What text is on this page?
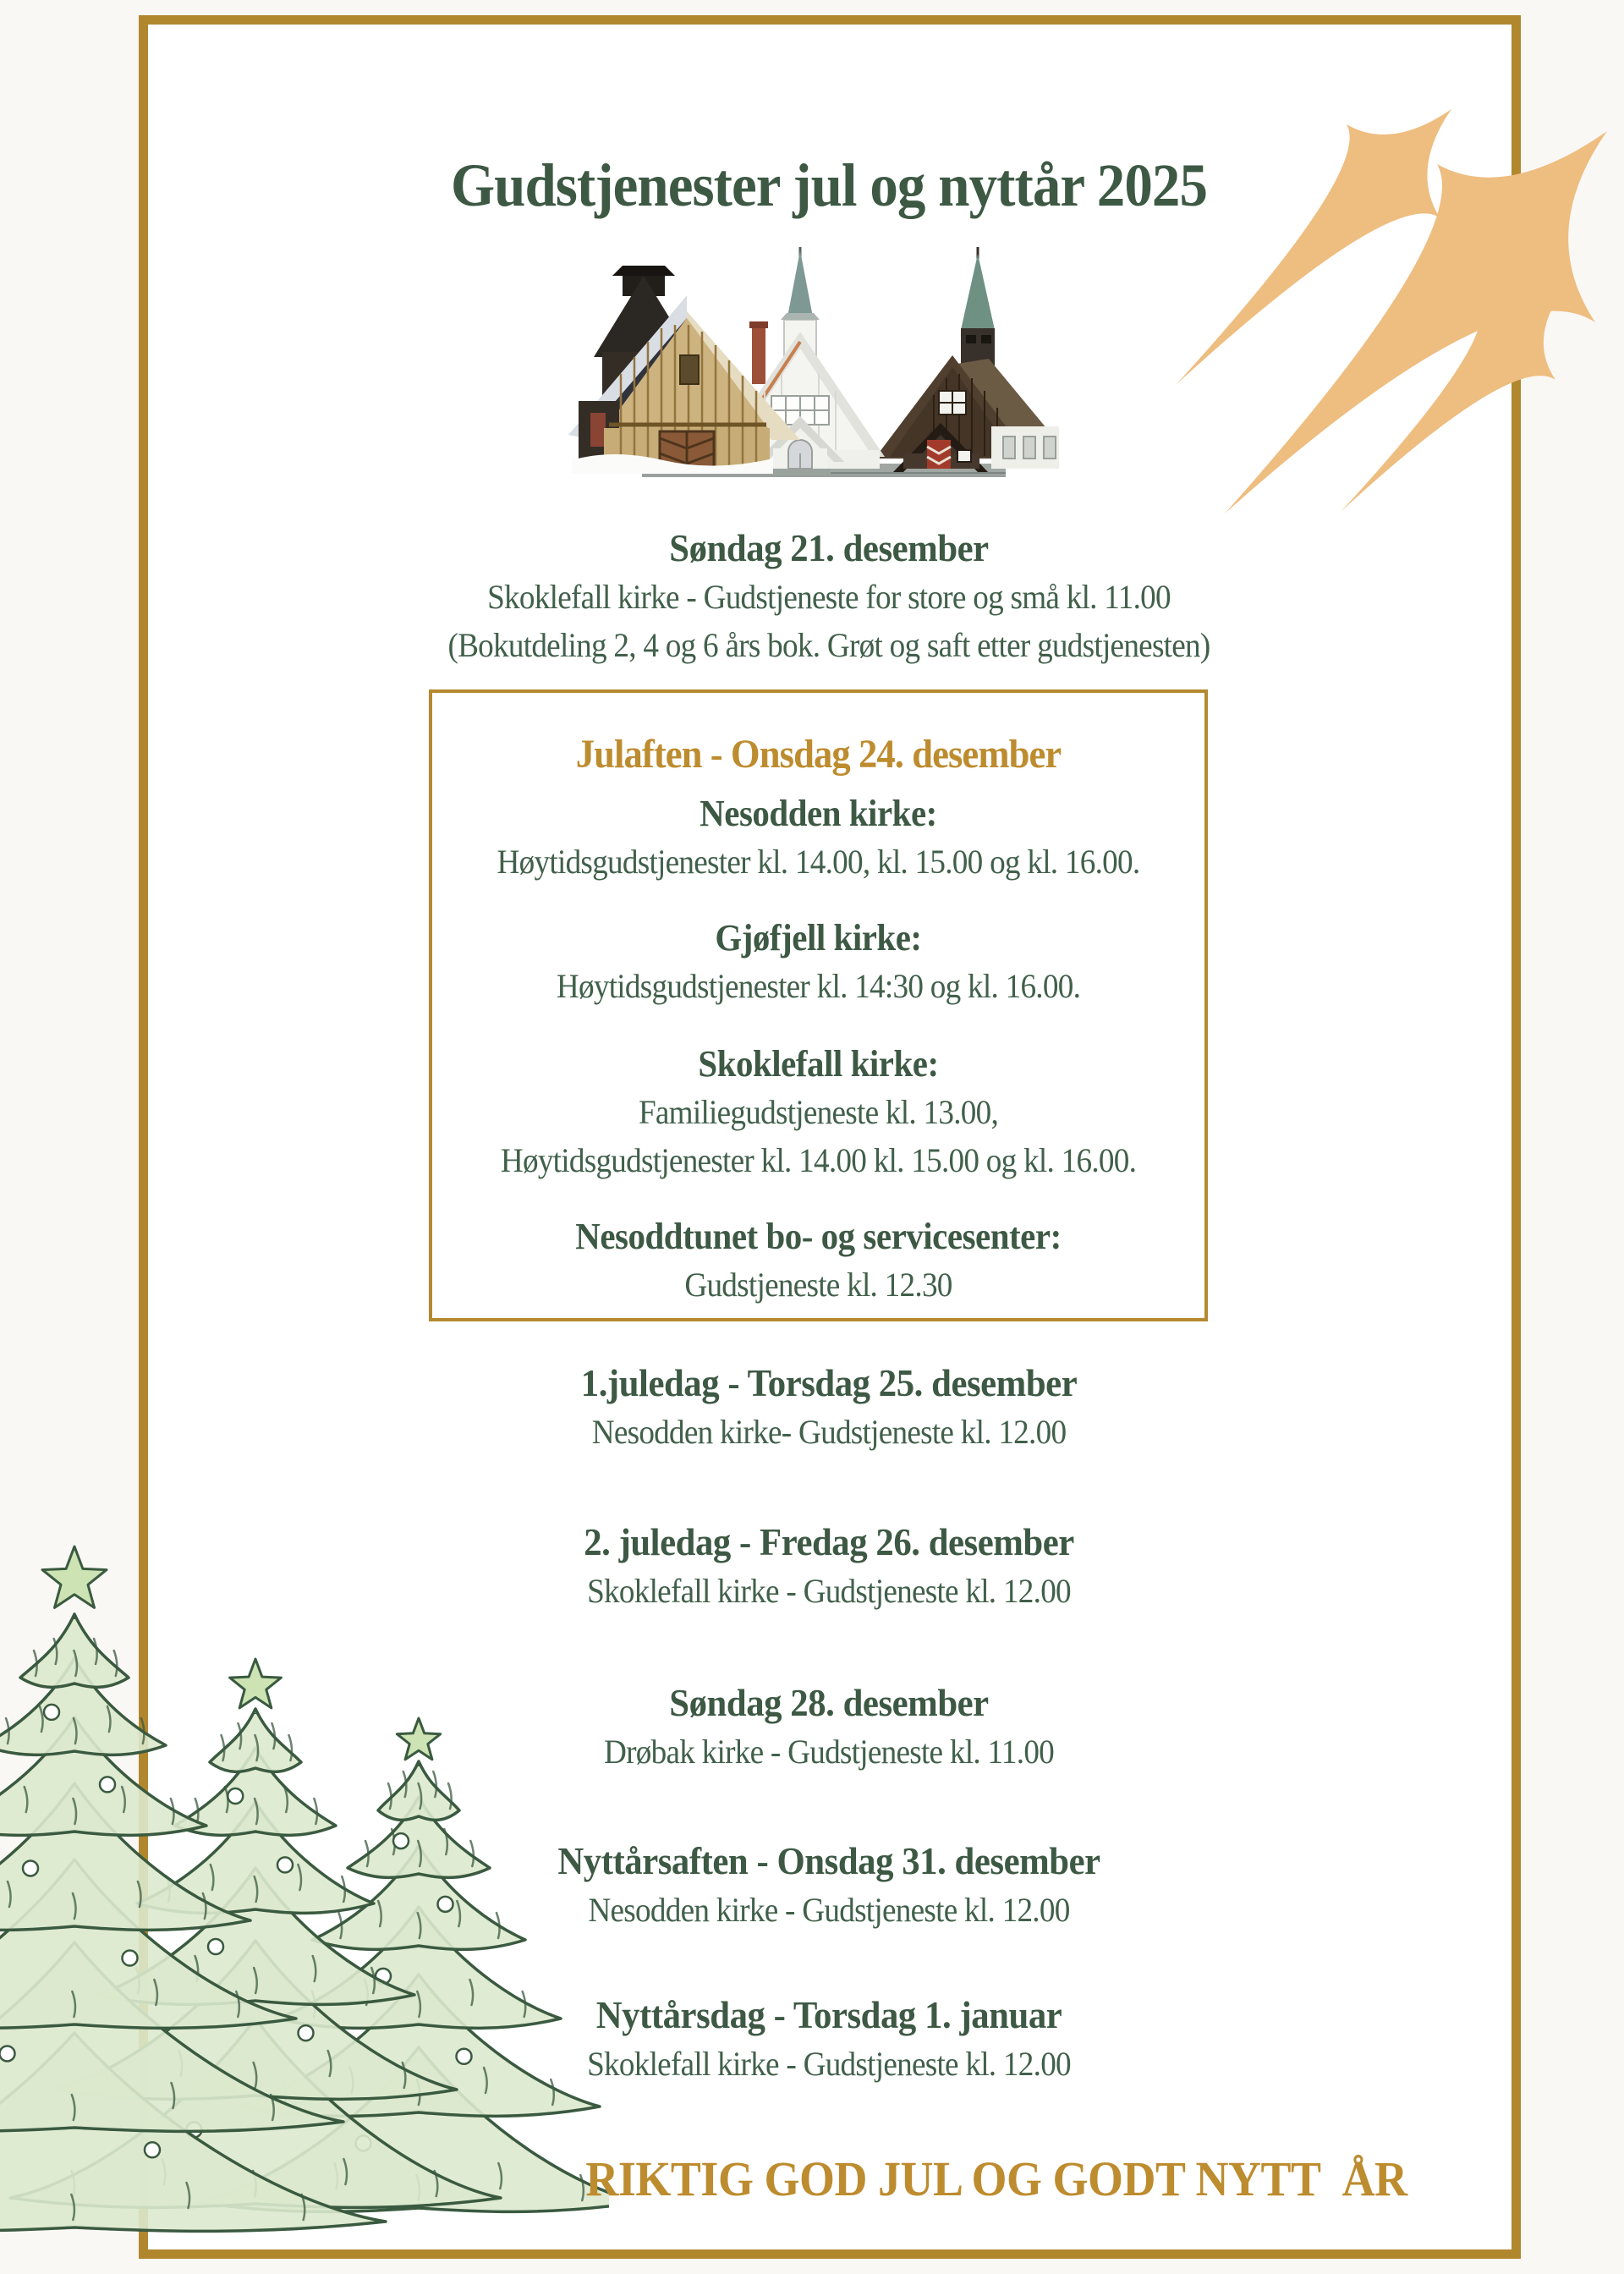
Gudstjenester jul og nyttår 2025
Søndag 21. desember
Skoklefall kirke - Gudstjeneste for store og små kl. 11.00
(Bokutdeling 2, 4 og 6 års bok. Grøt og saft etter gudstjenesten)
Julaften - Onsdag 24. desember
Nesodden kirke:
Høytidsgudstjenester kl. 14.00, kl. 15.00 og kl. 16.00.
Gjøfjell kirke:
Høytidsgudstjenester kl. 14:30 og kl. 16.00.
Skoklefall kirke:
Familiegudstjeneste kl. 13.00,
Høytidsgudstjenester kl. 14.00 kl. 15.00 og kl. 16.00.
Nesoddtunet bo- og servicesenter:
Gudstjeneste kl. 12.30
1.juledag - Torsdag 25. desember
Nesodden kirke- Gudstjeneste kl. 12.00
2. juledag - Fredag 26. desember
Skoklefall kirke - Gudstjeneste kl. 12.00
Søndag 28. desember
Drøbak kirke - Gudstjeneste kl. 11.00
Nyttårsaften - Onsdag 31. desember
Nesodden kirke - Gudstjeneste kl. 12.00
Nyttårsdag - Torsdag 1. januar
Skoklefall kirke - Gudstjeneste kl. 12.00
RIKTIG GOD JUL OG GODT NYTT  ÅR
